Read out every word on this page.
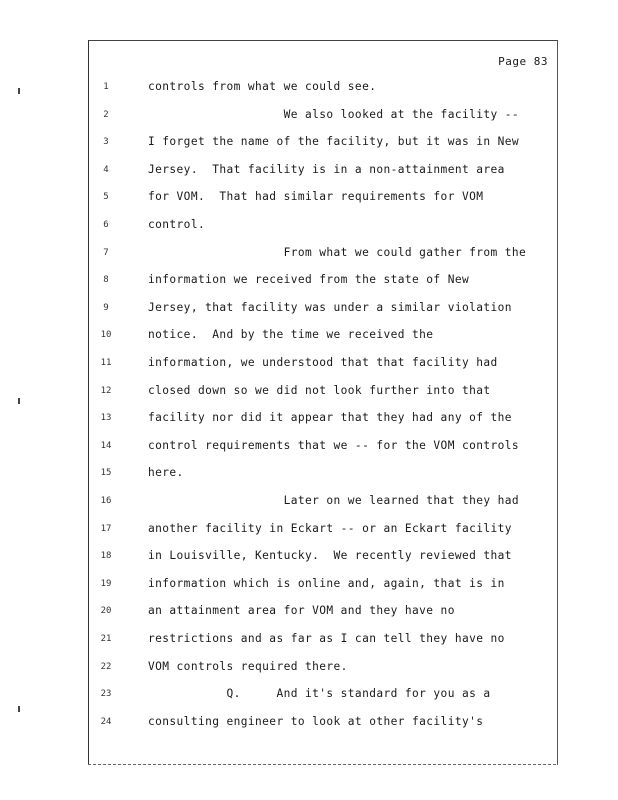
Page 83
1	controls from what we could see.
2	We also looked at the facility --
3	I forget the name of the facility, but it was in New
4	Jersey.  That facility is in a non-attainment area
5	for VOM.  That had similar requirements for VOM
6	control.
7	From what we could gather from the
8	information we received from the state of New
9	Jersey, that facility was under a similar violation
10	notice.  And by the time we received the
11	information, we understood that that facility had
12	closed down so we did not look further into that
13	facility nor did it appear that they had any of the
14	control requirements that we -- for the VOM controls
15	here.
16	Later on we learned that they had
17	another facility in Eckart -- or an Eckart facility
18	in Louisville, Kentucky.  We recently reviewed that
19	information which is online and, again, that is in
20	an attainment area for VOM and they have no
21	restrictions and as far as I can tell they have no
22	VOM controls required there.
23	Q.     And it's standard for you as a
24	consulting engineer to look at other facility's
